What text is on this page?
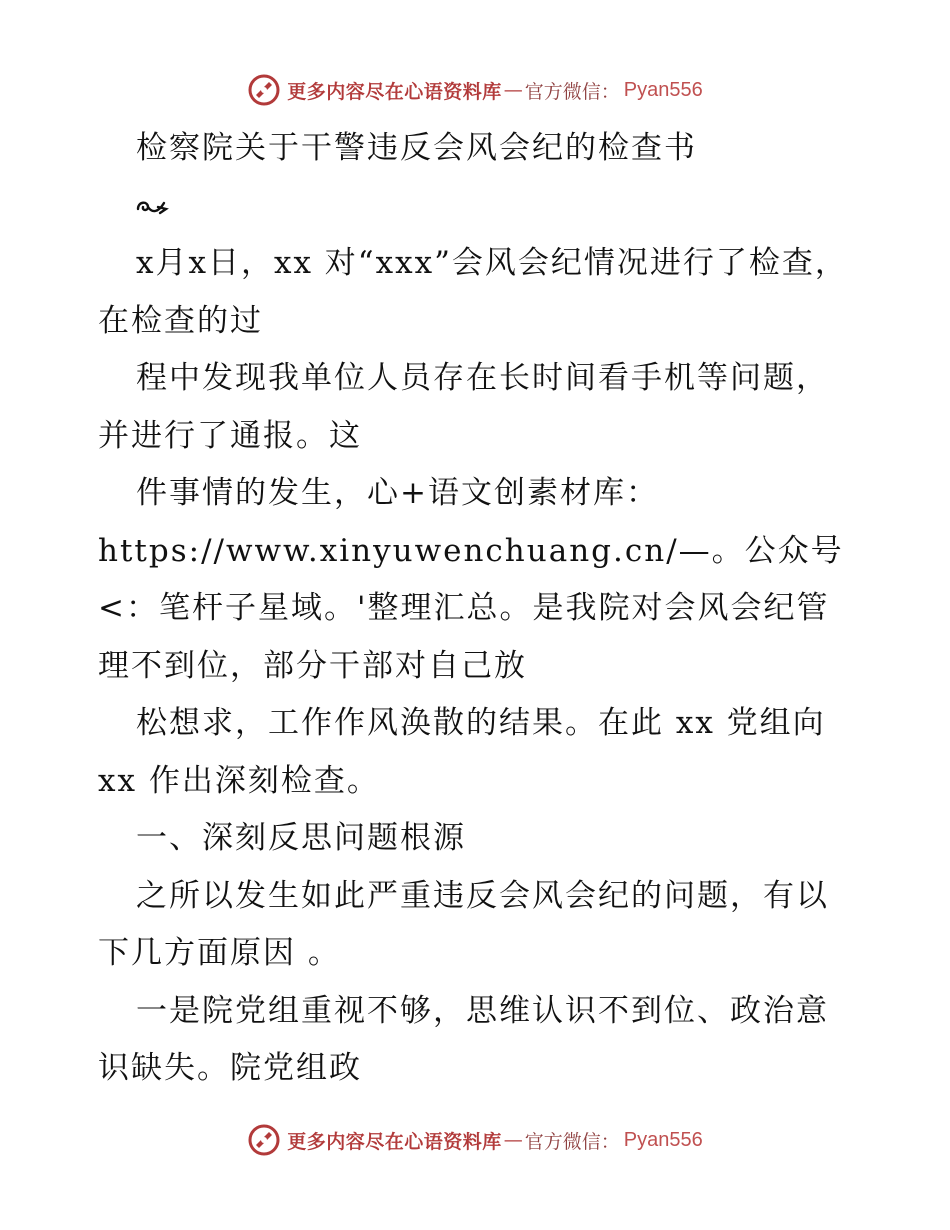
更多内容尽在心语资料库 — 官方微信： Pyan556

检察院关于干警违反会风会纪的检查书

x月x日，xx 对“xxx”会风会纪情况进行了检查，在检查的过

程中发现我单位人员存在长时间看手机等问题，并进行了通报。这

件事情的发生，心+语文创素材库：https://www.xinyuwenchuang.cn/—。公众号<：笔杆子星域。'整理汇总。是我院对会风会纪管理不到位，部分干部对自己放

松想求，工作作风涣散的结果。在此 xx 党组向 xx 作出深刻检查。

一、深刻反思问题根源

之所以发生如此严重违反会风会纪的问题，有以下几方面原因 。

一是院党组重视不够，思维认识不到位、政治意识缺失。院党组政

更多内容尽在心语资料库 — 官方微信： Pyan556
